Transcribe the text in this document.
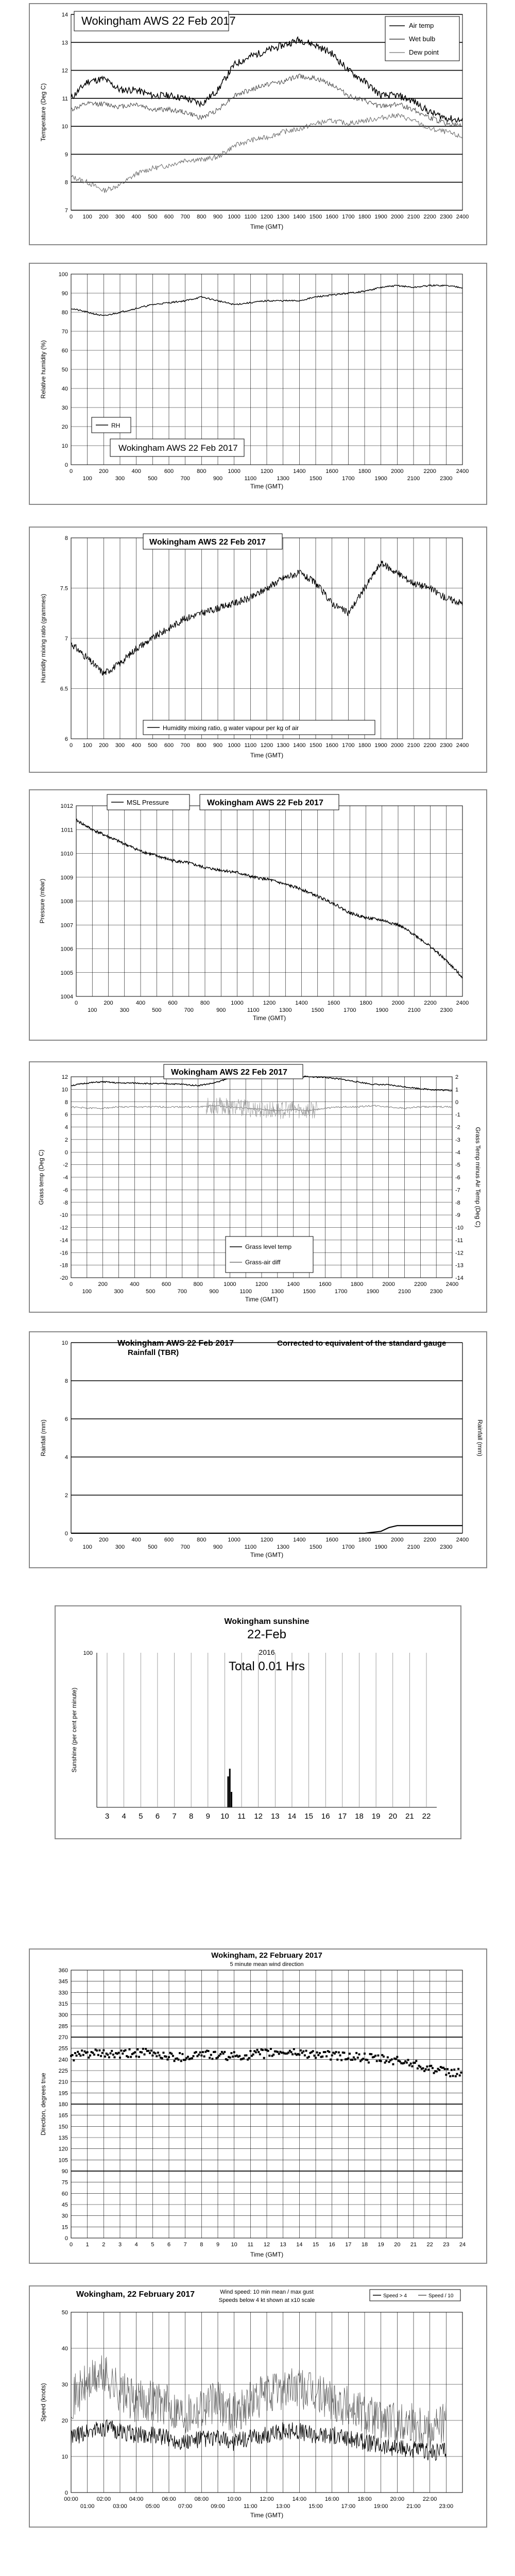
7
8
9
10
11
12
13
14
0 100 200 300 400 500 600 700 800 900 1000 1100 1200 1300 1400 1500 1600 1700 1800 1900 2000 2100 2200 2300 2400
Wokingham AWS 22 Feb 2017	Air temp
Wet bulb
Dew point
Temperature (Deg C)
Time (GMT)
0
10
20
30
40
50
60
70
80
90
100
0	200	400	600	800	1000	1200	1400	1600	1800	2000	2200	2400
100	300	500	700	900	1100	1300	1500	1700	1900	2100	2300
RH
Wokingham AWS 22 Feb 2017
Relative humidity (%)
Time (GMT)
6
6.5
7
7.5
8
0 100 200 300 400 500 600 700 800 900 1000 1100 1200 1300 1400 1500 1600 1700 1800 1900 2000 2100 2200 2300 2400
Wokingham AWS 22 Feb 2017
Humidity mixing ratio, g water vapour per kg of air
Humidity mixing ratio (grammes)
Time (GMT)
1004
1005
1006
1007
1008
1009
1010
1011
1012
0	200	400	600	800	1000	1200	1400	1600	1800	2000	2200	2400
100	300	500	700	900	1100	1300	1500	1700	1900	2100	2300
MSL Pressure	Wokingham AWS 22 Feb 2017
Pressure (mbar)
Time (GMT)
-20
-18
-16
-14
-12
-10
-8
-6
-4
-2
0
2
4
6
8
10
12
-14
-13
-12
-11
-10
-9
-8
-7
-6
-5
-4
-3
-2
-1
0
1
2
0	200	400	600	800	1000	1200	1400	1600	1800	2000	2200	2400
100	300	500	700	900	1100	1300	1500	1700	1900	2100	2300
Wokingham AWS 22 Feb 2017
Grass level temp
Grass-air diff
Grass temp (Deg C)	Grass Temp minus Air Temp (Deg C)
Time (GMT)
0
2
4
6
8
10
0	200	400	600	800	1000	1200	1400	1600	1800	2000	2200	2400
100	300	500	700	900	1100	1300	1500	1700	1900	2100	2300
Wokingham AWS 22 Feb 2017
Rainfall (TBR)
Corrected to equivalent of the standard gauge
Rainfall (mm)	Rainfall (mm)
Time (GMT)
3 4 5 6 7 8 9 10 11 12 13 14 15 16 17 18 19 20 21 22
100
Wokingham sunshine
22-Feb
2016
Total 0.01 Hrs
Sunshine (per cent per minute)
0
15
30
45
60
75
90
105
120
135
150
165
180
195
210
225
240
255
270
285
300
315
330
345
360
0 1 2 3 4 5 6 7 8 9 10 11 12 13 14 15 16 17 18 19 20 21 22 23 24
Wokingham, 22 February 2017
5 minute mean wind direction
Direction, degrees true
Time (GMT)
0
10
20
30
40
50
00:00	02:00	04:00	06:00	08:00	10:00	12:00	14:00	16:00	18:00	20:00	22:00
01:00	03:00	05:00	07:00	09:00	11:00	13:00	15:00	17:00	19:00	21:00	23:00
Wokingham, 22 February 2017	Wind speed: 10 min mean / max gust
Speeds below 4 kt shown at x10 scale
Speed > 4	Speed / 10
Speed (knots)
Time (GMT)
